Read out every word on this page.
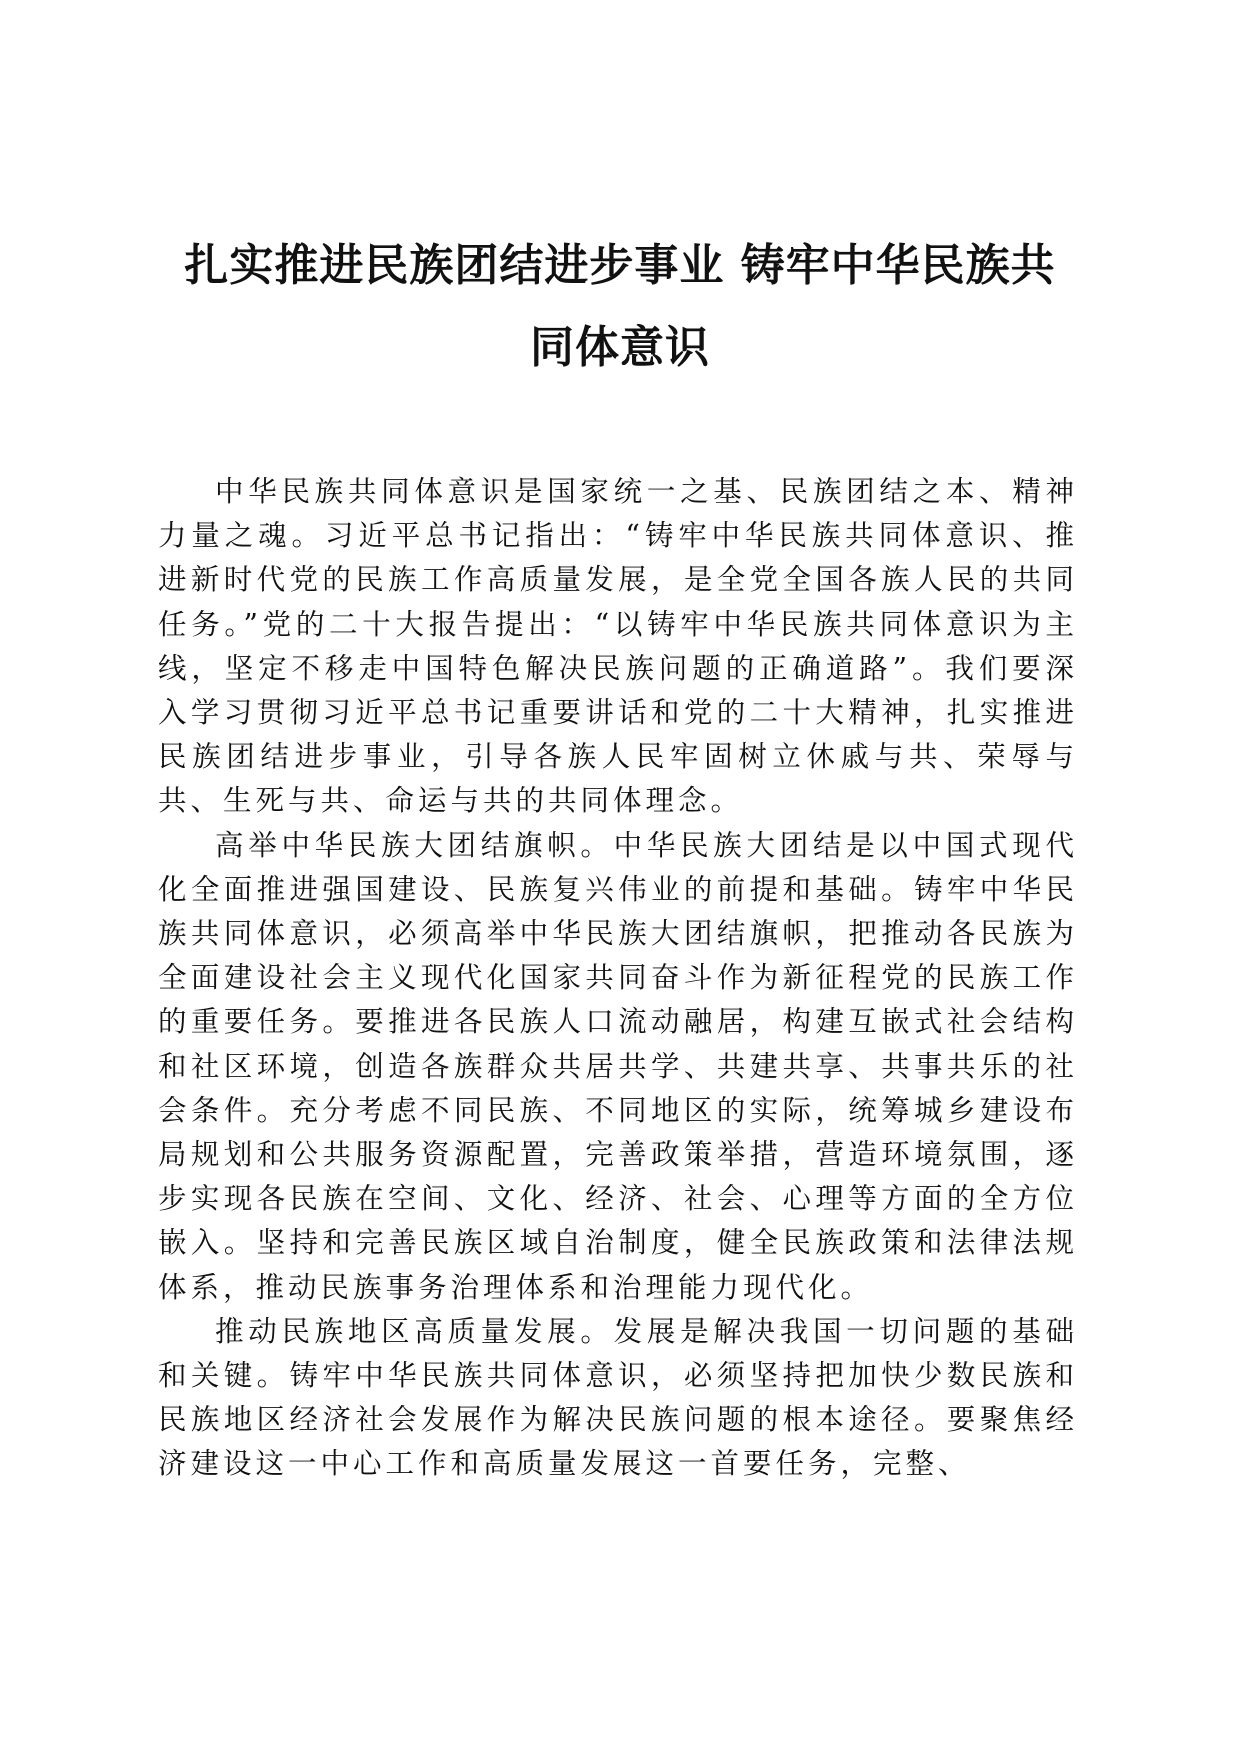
扎实推进民族团结进步事业 铸牢中华民族共
同体意识

中华民族共同体意识是国家统一之基、民族团结之本、精神力量之魂。习近平总书记指出：“铸牢中华民族共同体意识、推进新时代党的民族工作高质量发展，是全党全国各族人民的共同任务。”党的二十大报告提出：“以铸牢中华民族共同体意识为主线，坚定不移走中国特色解决民族问题的正确道路”。我们要深入学习贯彻习近平总书记重要讲话和党的二十大精神，扎实推进民族团结进步事业，引导各族人民牢固树立休戚与共、荣辱与共、生死与共、命运与共的共同体理念。

高举中华民族大团结旗帜。中华民族大团结是以中国式现代化全面推进强国建设、民族复兴伟业的前提和基础。铸牢中华民族共同体意识，必须高举中华民族大团结旗帜，把推动各民族为全面建设社会主义现代化国家共同奋斗作为新征程党的民族工作的重要任务。要推进各民族人口流动融居，构建互嵌式社会结构和社区环境，创造各族群众共居共学、共建共享、共事共乐的社会条件。充分考虑不同民族、不同地区的实际，统筹城乡建设布局规划和公共服务资源配置，完善政策举措，营造环境氛围，逐步实现各民族在空间、文化、经济、社会、心理等方面的全方位嵌入。坚持和完善民族区域自治制度，健全民族政策和法律法规体系，推动民族事务治理体系和治理能力现代化。

推动民族地区高质量发展。发展是解决我国一切问题的基础和关键。铸牢中华民族共同体意识，必须坚持把加快少数民族和民族地区经济社会发展作为解决民族问题的根本途径。要聚焦经济建设这一中心工作和高质量发展这一首要任务，完整、
